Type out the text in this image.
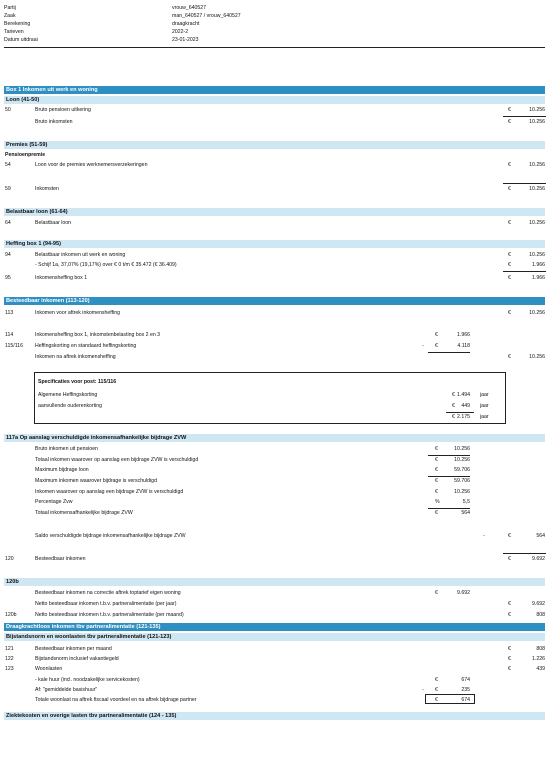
Partij	vrouw_640527
Zaak	man_640527 / vrouw_640527
Berekening	draagkracht
Tarieven	2022-2
Datum uitdraai	23-01-2023
Box 1 Inkomen uit werk en woning
Loon (41-50)
50	Bruto pensioen uitkering	€	10.256
Bruto inkomsten	€	10.256
Premies (51-59)
Pensioenpremie
54	Loon voor de premies werknemersverzekeringen	€	10.256
59	Inkomsten	€	10.256
Belastbaar loon (61-64)
64	Belastbaar loon	€	10.256
Heffing box 1 (94-95)
94	Belastbaar inkomen uit werk en woning	€	10.256
- Schijf 1a, 37,07% (19,17%) over € 0 t/m € 35.472 (€ 36.409)	€	1.966
95	Inkomensheffing box 1	€	1.966
Besteedbaar inkomen (113-120)
113	Inkomen voor aftrek inkomensheffing	€	10.256
114	Inkomensheffing box 1, inkomstenbelasting box 2 en 3	€	1.966
115/116 Heffingskorting en standaard heffingskorting	- €	4.118
Inkomen na aftrek inkomensheffing	€	10.256
Specificaties voor post: 115/116
Algemene Heffingskorting	€ 1.494 jaar
aanvullende ouderenkorting	€ 449 jaar
€ 2.175 jaar
117a Op aanslag verschuldigde inkomensafhankelijke bijdrage ZVW
Bruto inkomen uit pensioen	€	10.256
Totaal inkomen waarover op aanslag een bijdrage ZVW is verschuldigd	€	10.256
Maximum bijdrage loon	€	59.706
Maximum inkomen waarover bijdrage is verschuldigd	€	59.706
Inkomen waarover op aanslag een bijdrage ZVW is verschuldigd	€	10.256
Percentage Zvw	%	5,5
Totaal inkomensafhankelijke bijdrage ZVW	€	564
Saldo verschuldigde bijdrage inkomensafhankelijke bijdrage ZVW	-	€	564
120	Besteedbaar inkomen	€	9.692
120b
Besteedbaar inkomen na correctie aftrek toptarief eigen woning	€	9.692
Netto besteedbaar inkomen t.b.v. partneralimentatie (per jaar)	€	9.692
120b	Netto besteedbaar inkomen t.b.v. partneralimentatie (per maand)	€	808
Draagkrachtloos inkomen tbv partneralimentatie (121-135)
Bijstandsnorm en woonlasten tbv partneralimentatie (121-123)
121	Besteedbaar inkomen per maand	€	808
122	Bijstandsnorm inclusief vakantiegeld	€	1.226
123	Woonlasten	€	439
- kale huur (incl. noodzakelijke servicekosten)	€	674
Af: "gemiddelde basishuur"	- €	235
Totale woonlast na aftrek fiscaal voordeel en na aftrek bijdrage partner	€	674
Ziektekosten en overige lasten tbv partneralimentatie (124 - 135)
